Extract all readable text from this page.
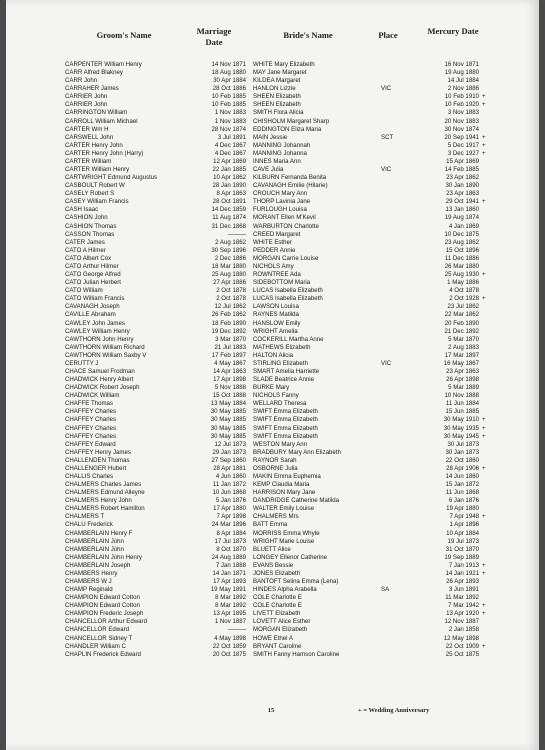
Groom's Name	Marriage Date
Bride's Name	Place	Mercury Date
CARPENTER William Henry	14 Nov 1871 WHITE Mary Elizabeth	16 Nov 1871
CARR Alfred Blakney	18 Aug 1880 MAY Jane Margaret	19 Aug 1880
CARR John	30 Apr 1884 KILDEA Margaret	14 Jul 1884
CARRAHER James	28 Oct 1886 HANLON Lizzie	VIC	2 Nov 1886
CARRIER John	10 Feb 1885 SHEEN Elizabeth	10 Feb 1910 +
CARRIER John	10 Feb 1885 SHEEN Elizabeth	10 Feb 1920 +
CARRINGTON William	1 Nov 1883 SMITH Flora Alicia	3 Nov 1883
CARROLL William Michael	1 Nov 1883 CHISHOLM Margaret Sharp	20 Nov 1883
CARTER Wm H	28 Nov 1874 EDDINGTON Eliza Maria	30 Nov 1874
CARSWELL John	3 Jul 1891 MAIN Jessie	SCT	20 Sep 1941 +
CARTER Henry John	4 Dec 1867 MANNING Johannah	5 Dec 1917 +
CARTER Henry John (Harry)	4 Dec 1867 MANNING Johanna	3 Dec 1927 +
CARTER William	12 Apr 1869 INNES Maria Ann	15 Apr 1869
CARTER William Henry	22 Jan 1885 CAVE Julia	VIC	14 Feb 1885
CARTWRIGHT Edmund Augustus	10 Apr 1862 KILBURN Fernanda Benita	23 Apr 1862
CASBOULT Robert W	28 Jan 1890 CAVANAGH Emilie (Hilarie)	30 Jan 1890
CASELY Robert S	8 Apr 1863 CROUCH Mary Ann	23 Apr 1863
CASEY William Francis	28 Oct 1891 THORP Lavinia Jane	29 Oct 1941 +
CASH Isaac	14 Dec 1859 FURLOUGH Louisa	13 Jan 1860
CASHION John	11 Aug 1874 MORANT Ellen M'Kevil	19 Aug 1874
CASHION Thomas	31 Dec 1868 WARBURTON Charlotte	4 Jan 1869
CASSON Thomas	——— CREED Margaret	10 Dec 1875
CATER James	2 Aug 1862 WHITE Esther	23 Aug 1862
CATO A Hilmer	30 Sep 1896 PEDDER Annie	15 Oct 1896
CATO Albert Cox	2 Dec 1886 MORGAN Carrie Louise	11 Dec 1886
CATO Arthur Hilmer	18 Mar 1880 NICHOLS Amy	26 Mar 1880
CATO George Alfred	25 Aug 1880 ROWNTREE Ada	25 Aug 1930 +
CATO Julian Herbert	27 Apr 1886 SIDEBOTTOM Maria	1 May 1886
CATO William	2 Oct 1878 LUCAS Isabella Elizabeth	4 Oct 1878
CATO William Francis	2 Oct 1878 LUCAS Isabella Elizabeth	2 Oct 1928 +
CAVANAGH Joseph	12 Jul 1862 LAWSON Louisa	23 Jul 1862
CAVILLE Abraham	26 Feb 1862 RAYNES Matilda	22 Mar 1862
CAWLEY John James	18 Feb 1890 HANSLOW Emily	20 Feb 1890
CAWLEY William Henry	19 Dec 1892 WRIGHT Amelia	21 Dec 1892
CAWTHORN John Henry	3 Mar 1870 COCKERILL Martha Anne	5 Mar 1870
CAWTHORN William Richard	21 Jul 1883 MATHEWS Elizabeth	2 Aug 1883
CAWTHORN William Saxby V	17 Feb 1897 HALTON Alicia	17 Mar 1897
CERUTTY J	4 May 1867 STIRLING Elizabeth	VIC	16 May 1867
CHACE Samuel Frodman	14 Apr 1863 SMART Amelia Harriette	23 Apr 1863
CHADWICK Henry Albert	17 Apr 1898 SLADE Beatrice Annie	26 Apr 1898
CHADWICK Robert Joseph	5 Nov 1888 BURKE Mary	5 Mar 1889
CHADWICK William	15 Oct 1888 NICHOLS Fanny	10 Nov 1888
CHAFFE Thomas	13 May 1884 WELLARD Theresa	11 Jun 1884
CHAFFEY Charles	30 May 1885 SWIFT Emma Elizabeth	15 Jun 1885
CHAFFEY Charles	30 May 1885 SWIFT Emma Elizabeth	30 May 1910 +
CHAFFEY Charles	30 May 1885 SWIFT Emma Elizabeth	30 May 1935 +
CHAFFEY Charles	30 May 1885 SWIFT Emma Elizabeth	30 May 1945 +
CHAFFEY Edward	12 Jul 1873 WESTON Mary Ann	30 Jul 1873
CHAFFEY Henry James	29 Jan 1873 BRADBURY Mary Ann Elizabeth	30 Jan 1873
CHALLENDEN Thomas	27 Sep 1860 RAYNOR Sarah	22 Oct 1860
CHALLENGER Hubert	28 Apr 1881 OSBORNE Julia	28 Apr 1906 +
CHALLIS Charles	4 Jun 1860 MAKIN Emma Euphemia	14 Jun 1860
CHALMERS Charles James	11 Jan 1872 KEMP Claudia Maria	15 Jan 1872
CHALMERS Edmund Alleyne	10 Jun 1868 HARRISON Mary Jane	11 Jun 1868
CHALMERS Henry John	5 Jan 1876 DANDRIDGE Catherine Matilda	6 Jan 1876
CHALMERS Robert Hamilton	17 Apr 1880 WALTER Emily Louise	19 Apr 1880
CHALMERS T	7 Apr 1898 CHALMERS Mrs	7 Apr 1948 +
CHALU Frederick	24 Mar 1896 BATT Emma	1 Apr 1896
CHAMBERLAIN Henry F	8 Apr 1884 MORRISS Emma Whyte	10 Apr 1884
CHAMBERLAIN John	17 Jul 1873 WRIGHT Marie Louise	19 Jul 1873
CHAMBERLAIN John	8 Oct 1870 BLUETT Alice	31 Oct 1870
CHAMBERLAIN John Henry	24 Aug 1889 LONGEY Ellenor Catherine	19 Sep 1889
CHAMBERLAIN Joseph	7 Jan 1888 EVANS Bessie	7 Jan 1913 +
CHAMBERS Henry	14 Jan 1871 JONES Elizabeth	14 Jan 1921 +
CHAMBERS W J	17 Apr 1893 BANTOFT Selina Emma (Lena)	26 Apr 1893
CHAMP Reginald	19 May 1891 HINDES Alpha Arabella	SA	3 Jun 1891
CHAMPION Edward Cotton	8 Mar 1892 COLE Charlotte E	11 Mar 1892
CHAMPION Edward Cotton	8 Mar 1892 COLE Charlotte E	7 Mar 1942 +
CHAMPION Frederic Joseph	13 Apr 1895 LIVETT Elizabeth	13 Apr 1920 +
CHANCELLOR Arthur Edward	1 Nov 1887 LOVETT Alice Esther	12 Nov 1887
CHANCELLOR Edward	——— MORGAN Elizabeth	2 Jan 1858
CHANCELLOR Sidney T	4 May 1898 HOWE Ethel A	12 May 1898
CHANDLER William C	22 Oct 1859 BRYANT Caroline	22 Oct 1909 +
CHAPLIN Frederick Edward	20 Oct 1875 SMITH Fanny Hamson Caroline	25 Oct 1875
15	+ = Wedding Anniversary
